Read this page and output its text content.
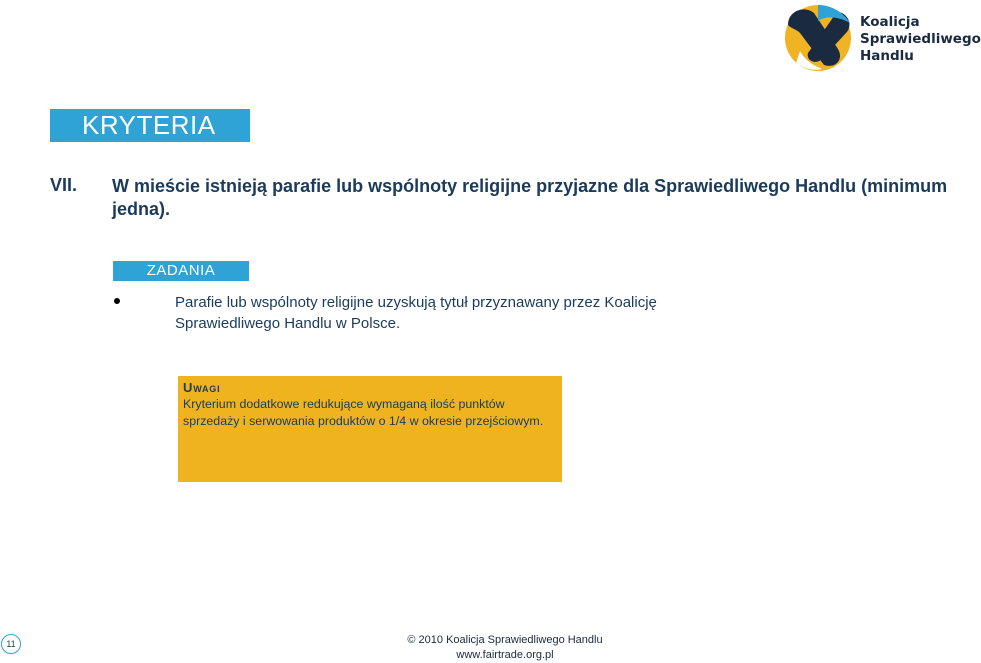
Koalicja
Sprawiedliwego
Handlu
KRYTERIA
VII. W mieście istnieją parafie lub wspólnoty religijne przyjazne dla Sprawiedliwego Handlu (minimum jedna).
ZADANIA
Parafie lub wspólnoty religijne uzyskują tytuł przyznawany przez Koalicję Sprawiedliwego Handlu w Polsce.
Uwagi
Kryterium dodatkowe redukujące wymaganą ilość punktów sprzedaży i serwowania produktów o 1/4 w okresie przejściowym.
11	© 2010 Koalicja Sprawiedliwego Handlu
www.fairtrade.org.pl
